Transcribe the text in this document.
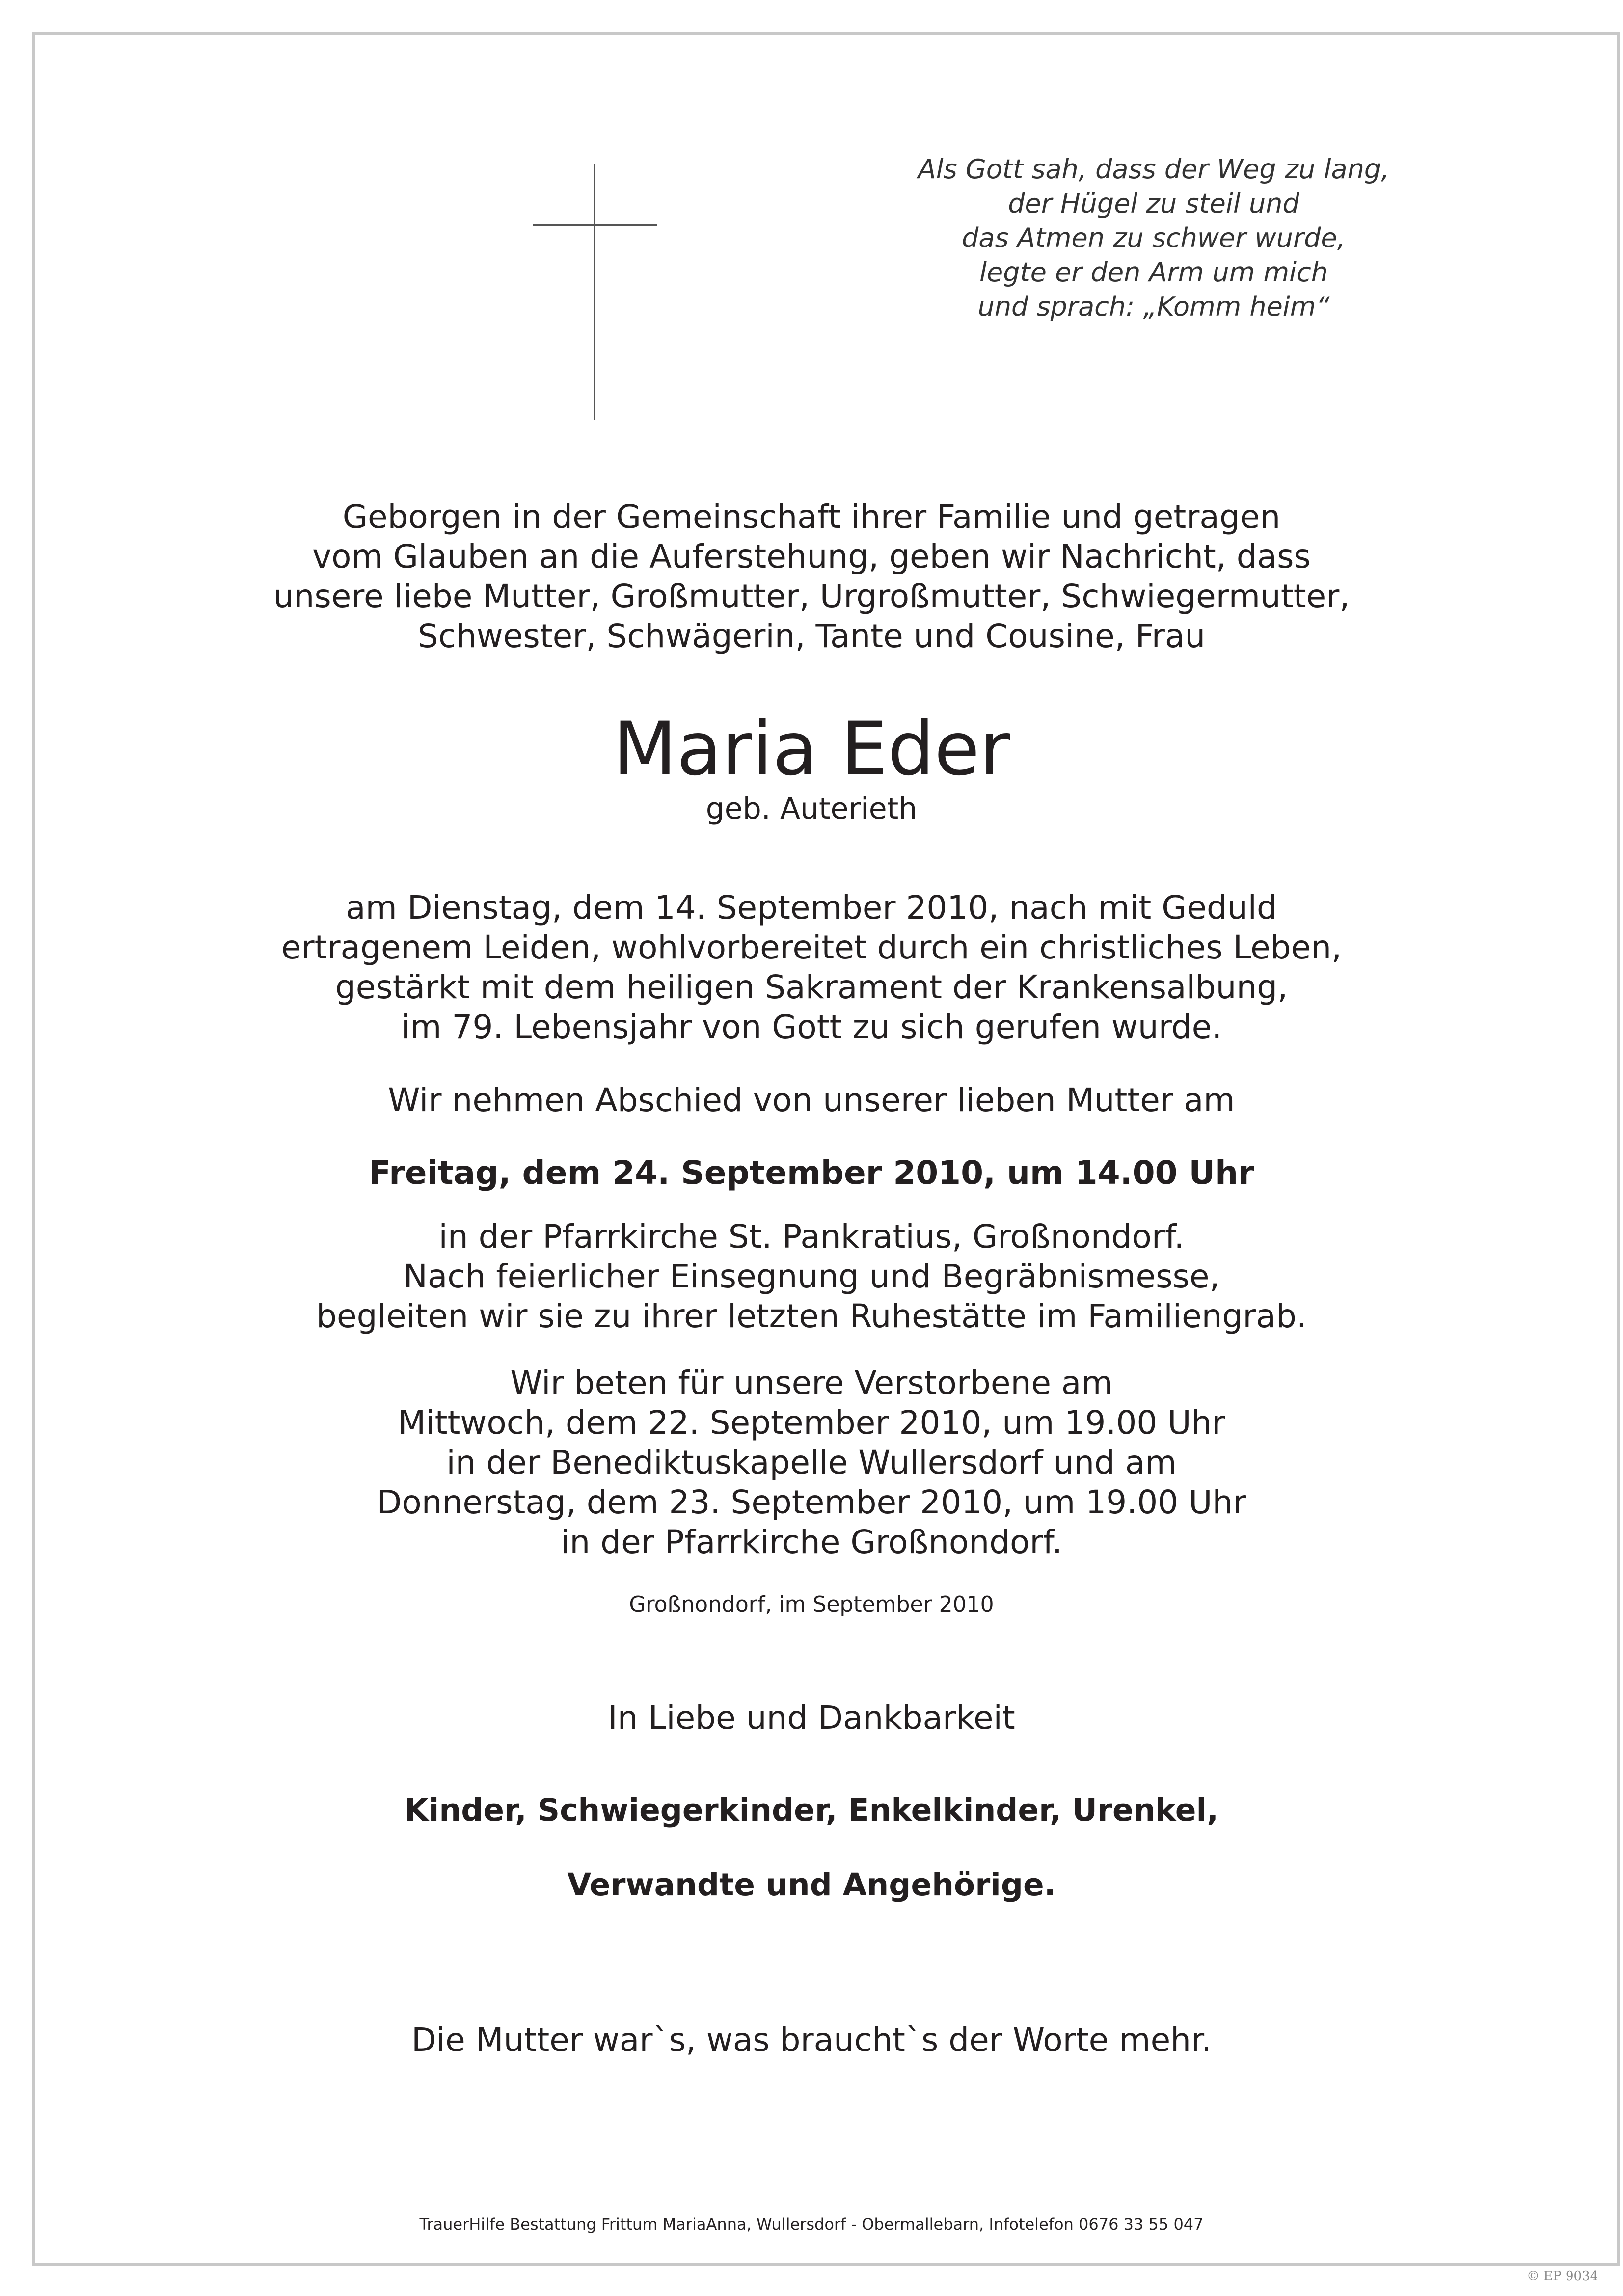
Als Gott sah, dass der Weg zu lang,
der Hügel zu steil und
das Atmen zu schwer wurde,
legte er den Arm um mich
und sprach: „Komm heim“
Geborgen in der Gemeinschaft ihrer Familie und getragen
vom Glauben an die Auferstehung, geben wir Nachricht, dass
unsere liebe Mutter, Großmutter, Urgroßmutter, Schwiegermutter,
Schwester, Schwägerin, Tante und Cousine, Frau
Maria Eder
geb. Auterieth
am Dienstag, dem 14. September 2010, nach mit Geduld
ertragenem Leiden, wohlvorbereitet durch ein christliches Leben,
gestärkt mit dem heiligen Sakrament der Krankensalbung,
im 79. Lebensjahr von Gott zu sich gerufen wurde.
Wir nehmen Abschied von unserer lieben Mutter am
Freitag, dem 24. September 2010, um 14.00 Uhr
in der Pfarrkirche St. Pankratius, Großnondorf.
Nach feierlicher Einsegnung und Begräbnismesse,
begleiten wir sie zu ihrer letzten Ruhestätte im Familiengrab.
Wir beten für unsere Verstorbene am
Mittwoch, dem 22. September 2010, um 19.00 Uhr
in der Benediktuskapelle Wullersdorf und am
Donnerstag, dem 23. September 2010, um 19.00 Uhr
in der Pfarrkirche Großnondorf.
Großnondorf, im September 2010
In Liebe und Dankbarkeit
Kinder, Schwiegerkinder, Enkelkinder, Urenkel,
Verwandte und Angehörige.
Die Mutter war`s, was braucht`s der Worte mehr.
TrauerHilfe Bestattung Frittum MariaAnna, Wullersdorf - Obermallebarn, Infotelefon 0676 33 55 047
© EP 9034
